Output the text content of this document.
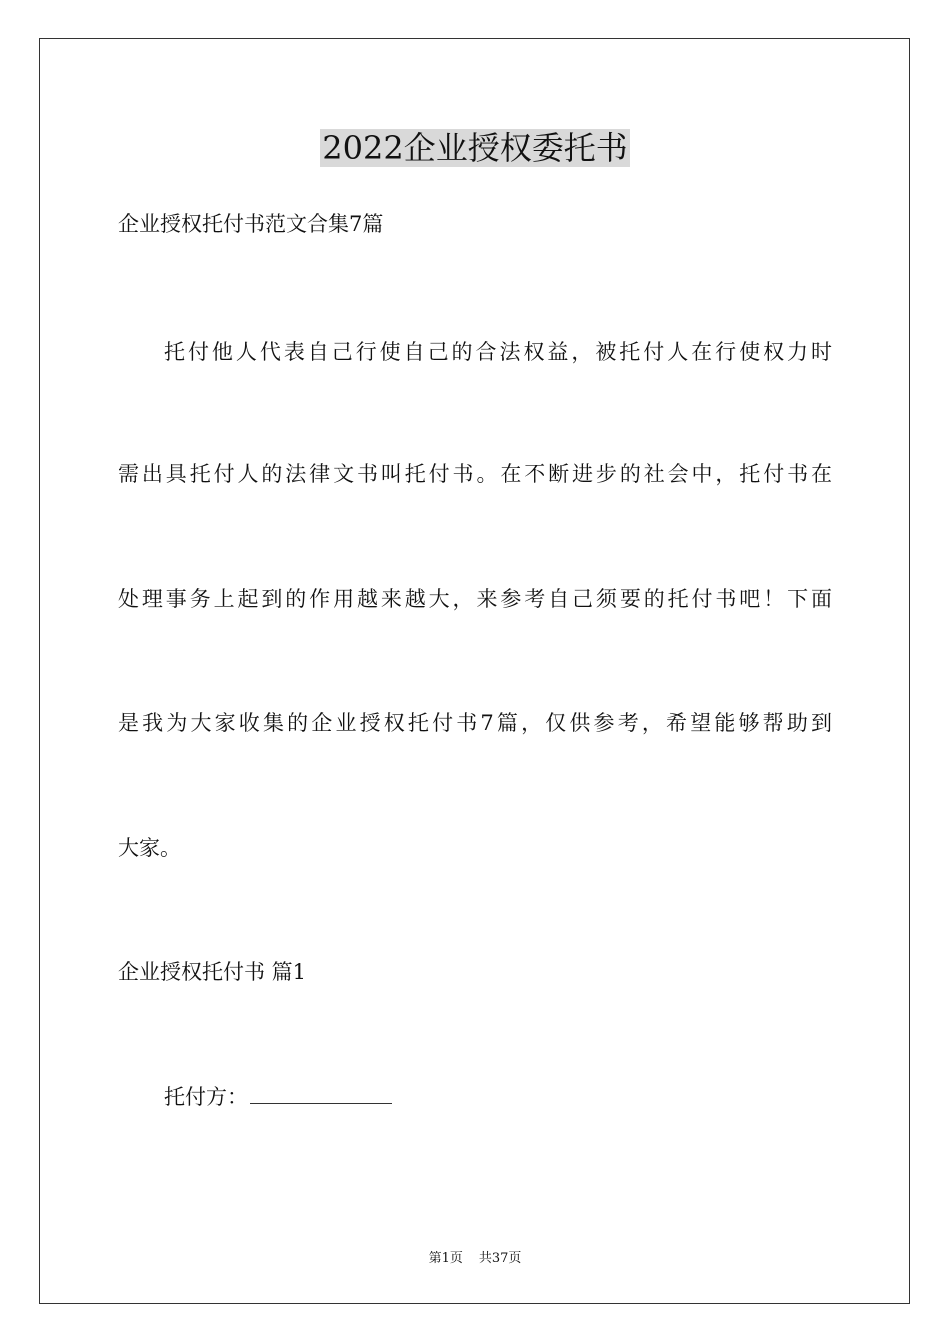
2022企业授权委托书
企业授权托付书范文合集7篇
托付他人代表自己行使自己的合法权益，被托付人在行使权力时
需出具托付人的法律文书叫托付书。在不断进步的社会中，托付书在
处理事务上起到的作用越来越大，来参考自己须要的托付书吧！下面
是我为大家收集的企业授权托付书7篇，仅供参考，希望能够帮助到
大家。
企业授权托付书 篇1
托付方：
第1页 共37页
